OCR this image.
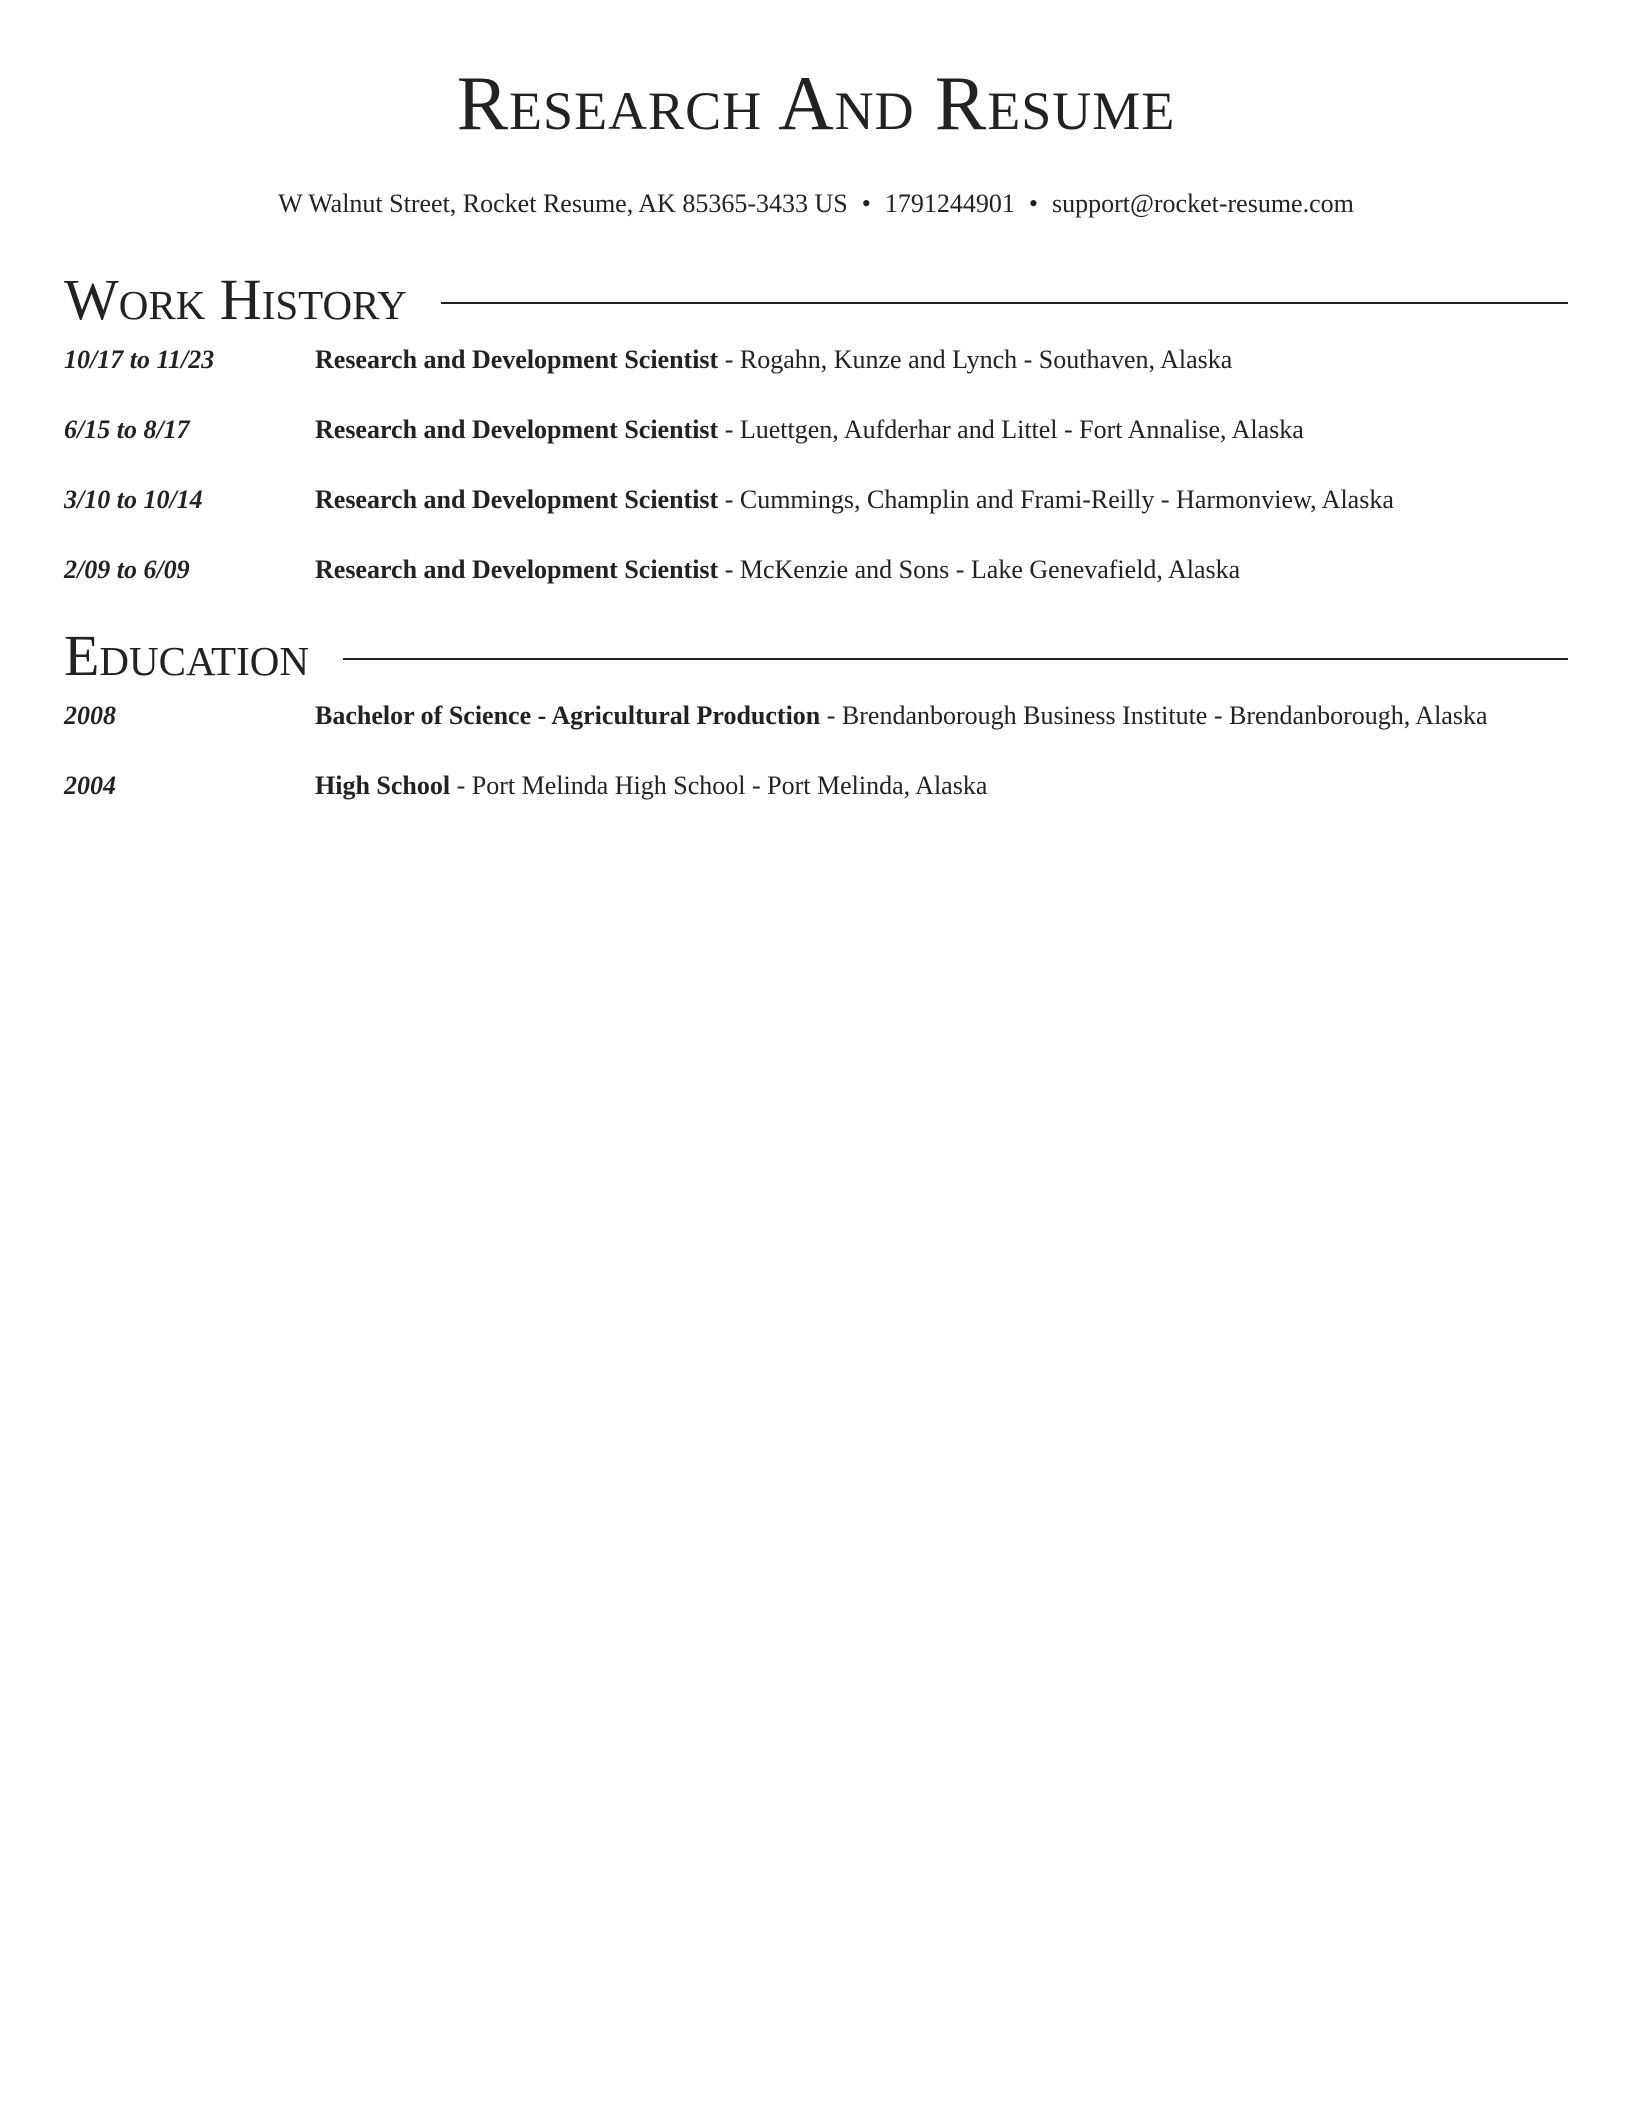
Research And Resume
W Walnut Street, Rocket Resume, AK 85365-3433 US • 1791244901 • support@rocket-resume.com
Work History
10/17 to 11/23	Research and Development Scientist - Rogahn, Kunze and Lynch - Southaven, Alaska
6/15 to 8/17	Research and Development Scientist - Luettgen, Aufderhar and Littel - Fort Annalise, Alaska
3/10 to 10/14	Research and Development Scientist - Cummings, Champlin and Frami-Reilly - Harmonview, Alaska
2/09 to 6/09	Research and Development Scientist - McKenzie and Sons - Lake Genevafield, Alaska
Education
2008	Bachelor of Science - Agricultural Production - Brendanborough Business Institute - Brendanborough, Alaska
2004	High School - Port Melinda High School - Port Melinda, Alaska
